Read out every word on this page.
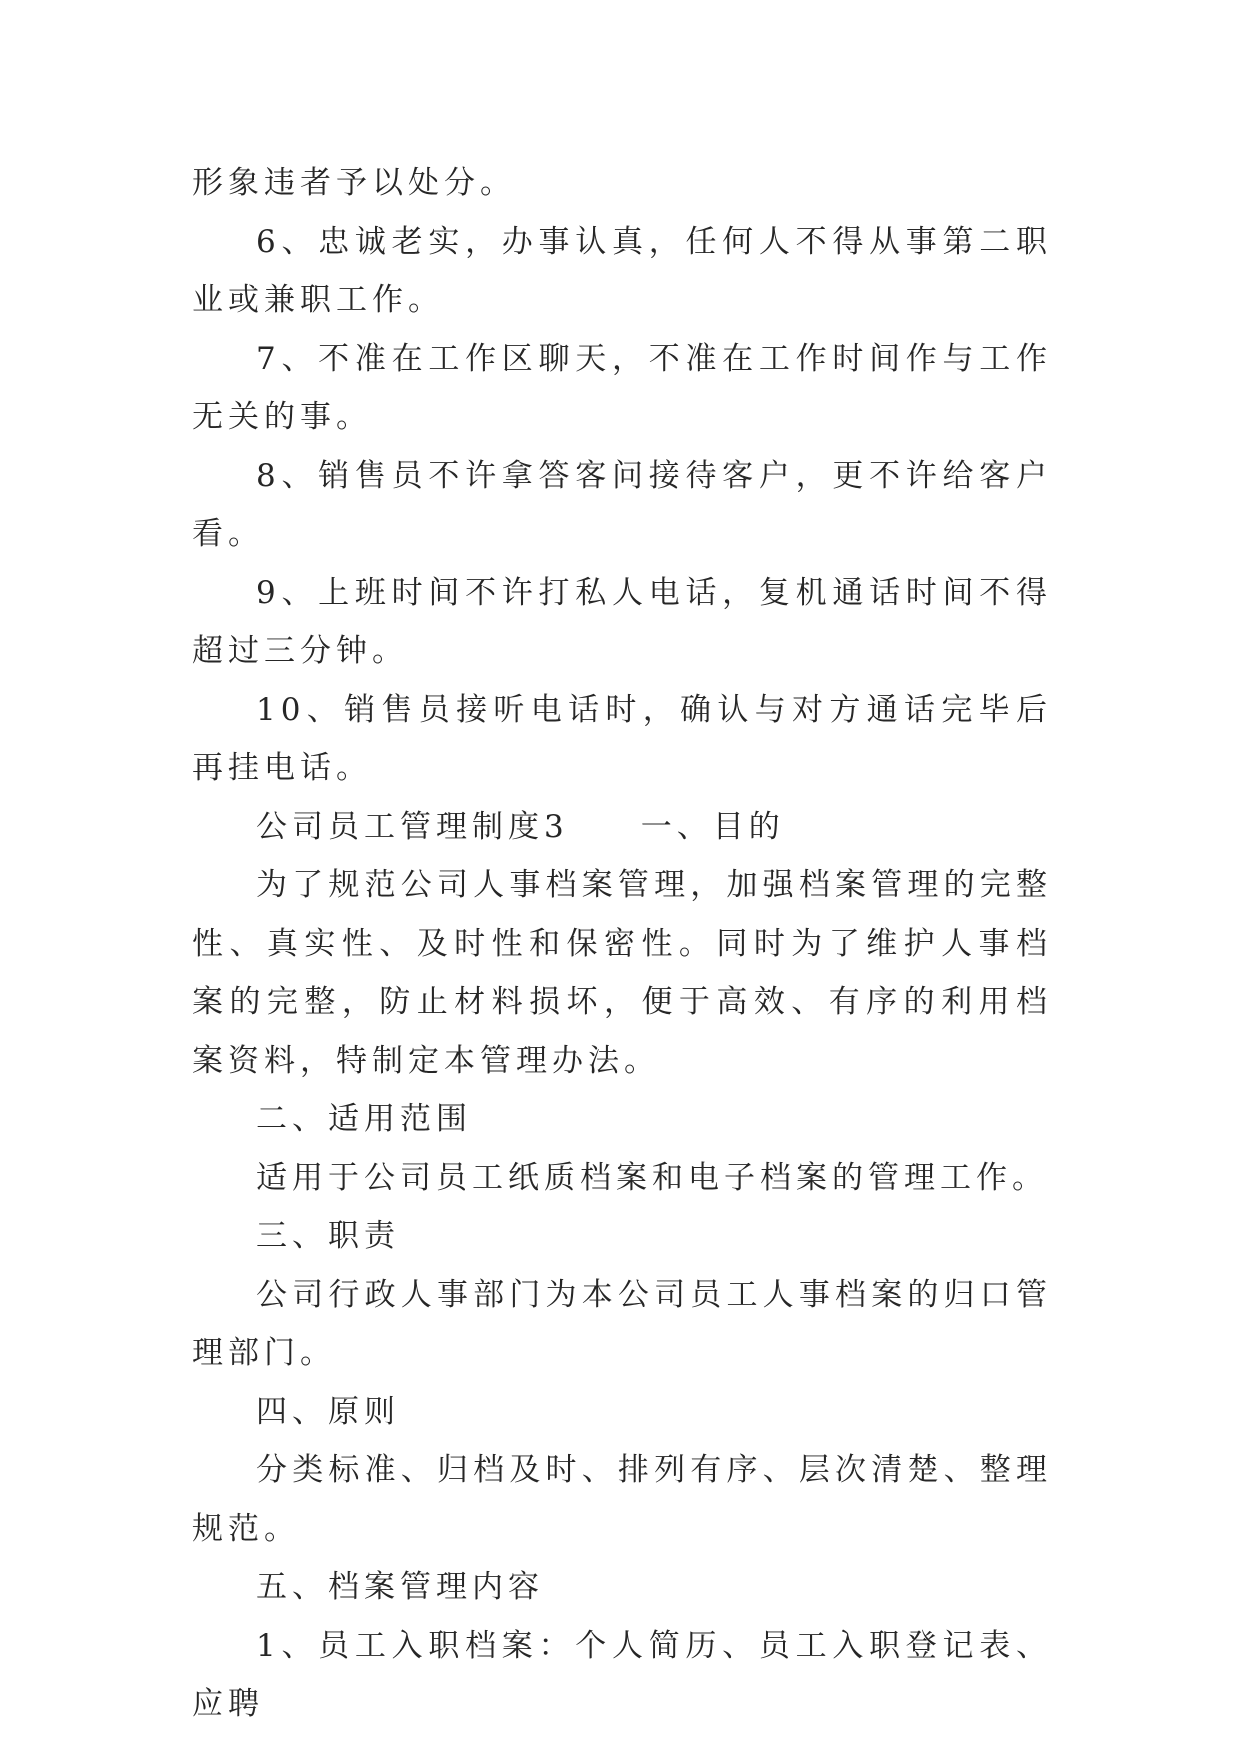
形象违者予以处分。

6、忠诚老实，办事认真，任何人不得从事第二职业或兼职工作。

7、不准在工作区聊天，不准在工作时间作与工作无关的事。

8、销售员不许拿答客问接待客户，更不许给客户看。

9、上班时间不许打私人电话，复机通话时间不得超过三分钟。

10、销售员接听电话时，确认与对方通话完毕后再挂电话。

公司员工管理制度3　　一、目的

为了规范公司人事档案管理，加强档案管理的完整性、真实性、及时性和保密性。同时为了维护人事档案的完整，防止材料损坏，便于高效、有序的利用档案资料，特制定本管理办法。

二、适用范围

适用于公司员工纸质档案和电子档案的管理工作。

三、职责

公司行政人事部门为本公司员工人事档案的归口管理部门。

四、原则

分类标准、归档及时、排列有序、层次清楚、整理规范。

五、档案管理内容

1、员工入职档案：个人简历、员工入职登记表、应聘
